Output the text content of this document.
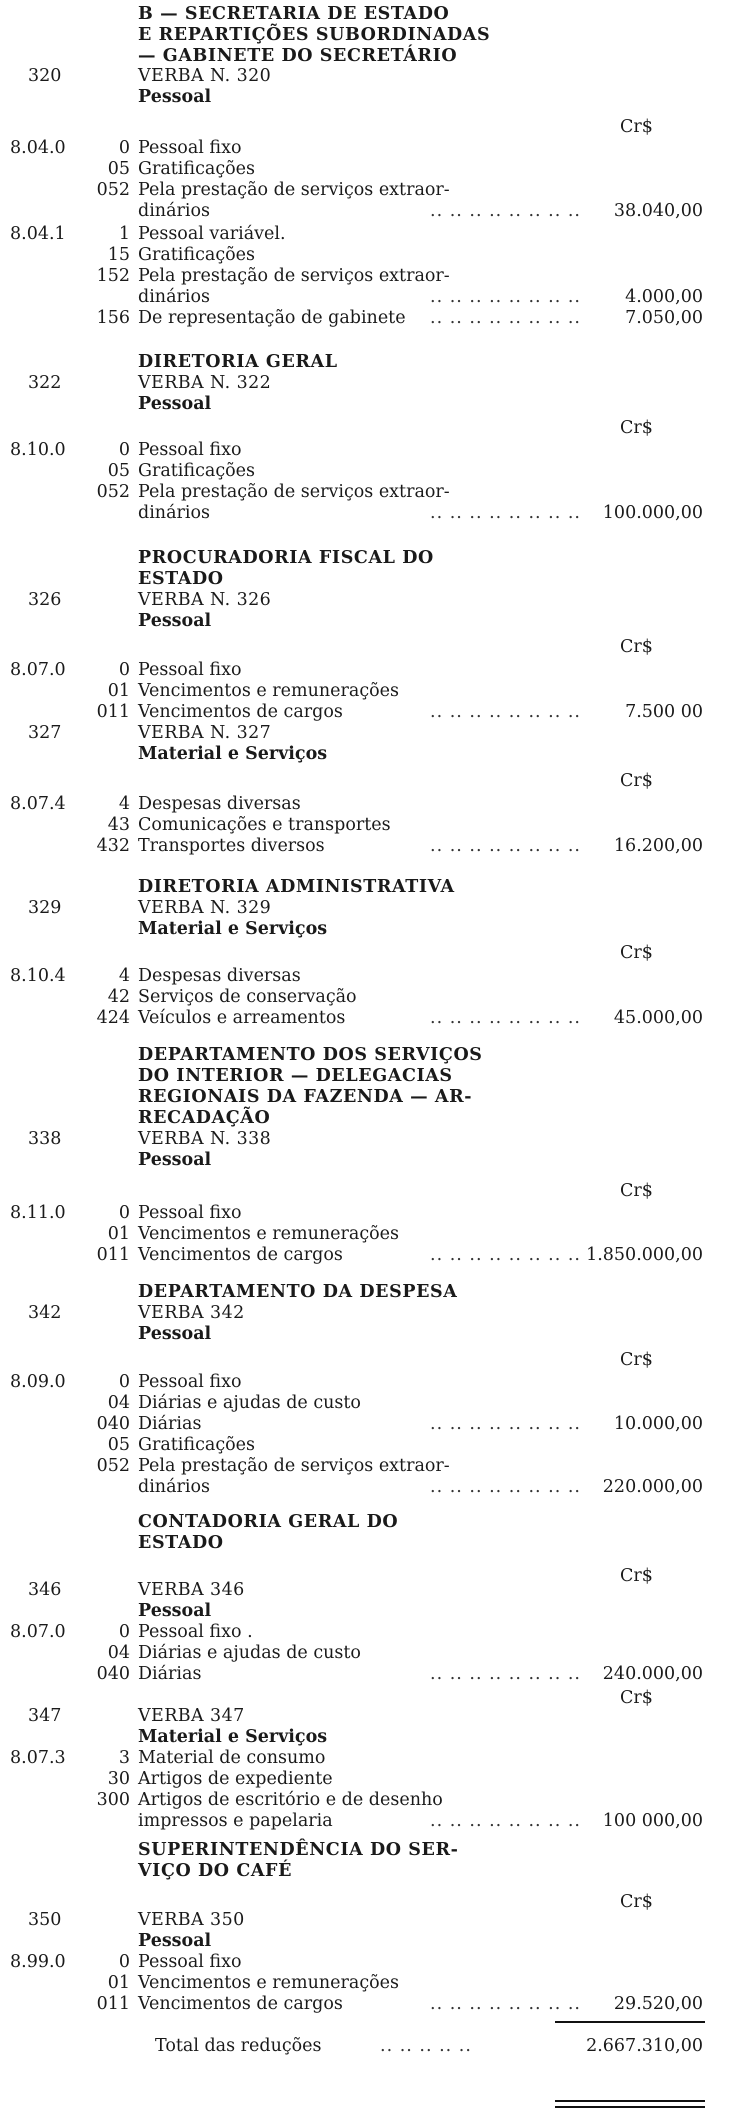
B — SECRETARIA DE ESTADO
E REPARTIÇÕES SUBORDINADAS
— GABINETE DO SECRETÁRIO
320	VERBA N. 320
Pessoal
Cr$
8.04.0	0 Pessoal fixo
05 Gratificações
052 Pela prestação de serviços extraor-
dinários	.. .. .. .. .. .. .. .. 38.040,00
8.04.1	1 Pessoal variável.
15 Gratificações
152 Pela prestação de serviços extraor-
dinários	.. .. .. .. .. .. .. ..	4.000,00
156 De representação de gabinete .. .. .. .. .. .. .. ..	7.050,00
DIRETORIA GERAL
322	VERBA N. 322
Pessoal
Cr$
8.10.0	0 Pessoal fixo
05 Gratificações
052 Pela prestação de serviços extraor-
dinários	.. .. .. .. .. .. .. .. 100.000,00
PROCURADORIA FISCAL DO
ESTADO
326	VERBA N. 326
Pessoal
Cr$
8.07.0	0 Pessoal fixo
01 Vencimentos e remunerações
011 Vencimentos de cargos	.. .. .. .. .. .. .. ..	7.500 00
327	VERBA N. 327
Material e Serviços
Cr$
8.07.4	4 Despesas diversas
43 Comunicações e transportes
432 Transportes diversos	.. .. .. .. .. .. .. .. 16.200,00
DIRETORIA ADMINISTRATIVA
329	VERBA N. 329
Material e Serviços
Cr$
8.10.4	4 Despesas diversas
42 Serviços de conservação
424 Veículos e arreamentos	.. .. .. .. .. .. .. .. 45.000,00
DEPARTAMENTO DOS SERVIÇOS
DO INTERIOR — DELEGACIAS
REGIONAIS DA FAZENDA — AR-
RECADAÇÃO
338	VERBA N. 338
Pessoal
Cr$
8.11.0	0 Pessoal fixo
01 Vencimentos e remunerações
011 Vencimentos de cargos	.. .. .. .. .. .. .. .. 1.850.000,00
DEPARTAMENTO DA DESPESA
342	VERBA 342
Pessoal
Cr$
8.09.0	0 Pessoal fixo
04 Diárias e ajudas de custo
040 Diárias	.. .. .. .. .. .. .. .. 10.000,00
05 Gratificações
052 Pela prestação de serviços extraor-
dinários	.. .. .. .. .. .. .. .. 220.000,00
CONTADORIA GERAL DO
ESTADO
Cr$
346	VERBA 346
Pessoal
8.07.0	0 Pessoal fixo .
04 Diárias e ajudas de custo
040 Diárias	.. .. .. .. .. .. .. .. 240.000,00
Cr$
347	VERBA 347
Material e Serviços
8.07.3	3 Material de consumo
30 Artigos de expediente
300 Artigos de escritório e de desenho
impressos e papelaria	.. .. .. .. .. .. .. .. 100 000,00
SUPERINTENDÊNCIA DO SER-
VIÇO DO CAFÉ
Cr$
350	VERBA 350
Pessoal
8.99.0	0 Pessoal fixo
01 Vencimentos e remunerações
011 Vencimentos de cargos	.. .. .. .. .. .. .. .. 29.520,00
Total das reduções	.. .. .. .. ..	2.667.310,00
